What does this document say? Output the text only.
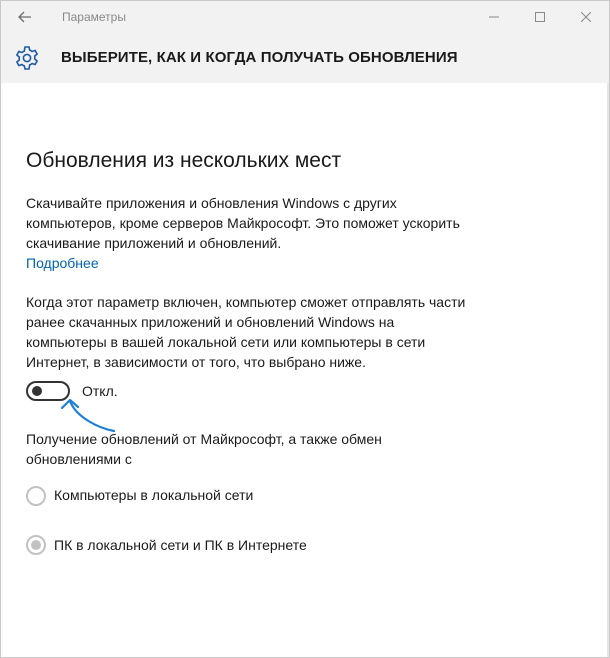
Параметры
ВЫБЕРИТЕ, КАК И КОГДА ПОЛУЧАТЬ ОБНОВЛЕНИЯ
Обновления из нескольких мест

Скачивайте приложения и обновления Windows с других компьютеров, кроме серверов Майкрософт. Это поможет ускорить скачивание приложений и обновлений.

Подробнее

Когда этот параметр включен, компьютер сможет отправлять части ранее скачанных приложений и обновлений Windows на компьютеры в вашей локальной сети или компьютеры в сети Интернет, в зависимости от того, что выбрано ниже.

Откл.

Получение обновлений от Майкрософт, а также обмен обновлениями с

Компьютеры в локальной сети
ПК в локальной сети и ПК в Интернете
